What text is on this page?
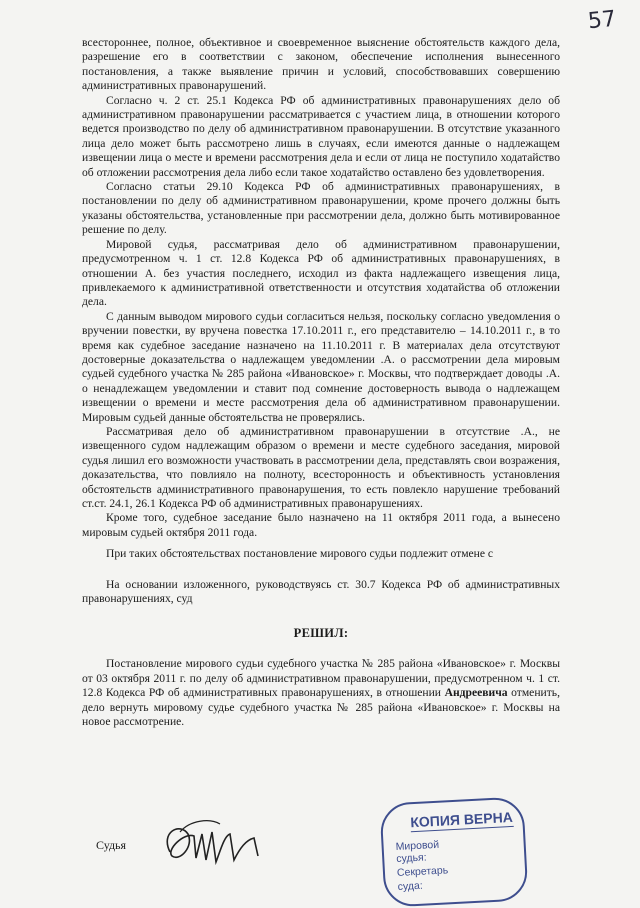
57

всестороннее, полное, объективное и своевременное выяснение обстоятельств каждого дела, разрешение его в соответствии с законом, обеспечение исполнения вынесенного постановления, а также выявление причин и условий, способствовавших совершению административных правонарушений.

Согласно ч. 2 ст. 25.1 Кодекса РФ об административных правонарушениях дело об административном правонарушении рассматривается с участием лица, в отношении которого ведется производство по делу об административном правонарушении. В отсутствие указанного лица дело может быть рассмотрено лишь в случаях, если имеются данные о надлежащем извещении лица о месте и времени рассмотрения дела и если от лица не поступило ходатайство об отложении рассмотрения дела либо если такое ходатайство оставлено без удовлетворения.

Согласно статьи 29.10 Кодекса РФ об административных правонарушениях, в постановлении по делу об административном правонарушении, кроме прочего должны быть указаны обстоятельства, установленные при рассмотрении дела, должно быть мотивированное решение по делу.

Мировой судья, рассматривая дело об административном правонарушении, предусмотренном ч. 1 ст. 12.8 Кодекса РФ об административных правонарушениях, в отношении А. без участия последнего, исходил из факта надлежащего извещения лица, привлекаемого к административной ответственности и отсутствия ходатайства об отложении дела.

С данным выводом мирового судьи согласиться нельзя, поскольку согласно уведомления о вручении повестки, ву вручена повестка 17.10.2011 г., его представителю – 14.10.2011 г., в то время как судебное заседание назначено на 11.10.2011 г. В материалах дела отсутствуют достоверные доказательства о надлежащем уведомлении .А. о рассмотрении дела мировым судьей судебного участка № 285 района «Ивановское» г. Москвы, что подтверждает доводы .А. о ненадлежащем уведомлении и ставит под сомнение достоверность вывода о надлежащем извещении о времени и месте рассмотрения дела об административном правонарушении. Мировым судьей данные обстоятельства не проверялись.

Рассматривая дело об административном правонарушении в отсутствие .А., не извещенного судом надлежащим образом о времени и месте судебного заседания, мировой судья лишил его возможности участвовать в рассмотрении дела, представлять свои возражения, доказательства, что повлияло на полноту, всесторонность и объективность установления обстоятельств административного правонарушения, то есть повлекло нарушение требований ст.ст. 24.1, 26.1 Кодекса РФ об административных правонарушениях.

Кроме того, судебное заседание было назначено на 11 октября 2011 года, а вынесено мировым судьей октября 2011 года.

При таких обстоятельствах постановление мирового судьи подлежит отмене с

На основании изложенного, руководствуясь ст. 30.7 Кодекса РФ об административных правонарушениях, суд

РЕШИЛ:

Постановление мирового судьи судебного участка № 285 района «Ивановское» г. Москвы от 03 октября 2011 г. по делу об административном правонарушении, предусмотренном ч. 1 ст. 12.8 Кодекса РФ об административных правонарушениях, в отношении Андреевича отменить, дело вернуть мировому судье судебного участка № 285 района «Ивановское» г. Москвы на новое рассмотрение.

Судья
КОПИЯ ВЕРНА
Мировой
судья:
Секретарь
суда:
